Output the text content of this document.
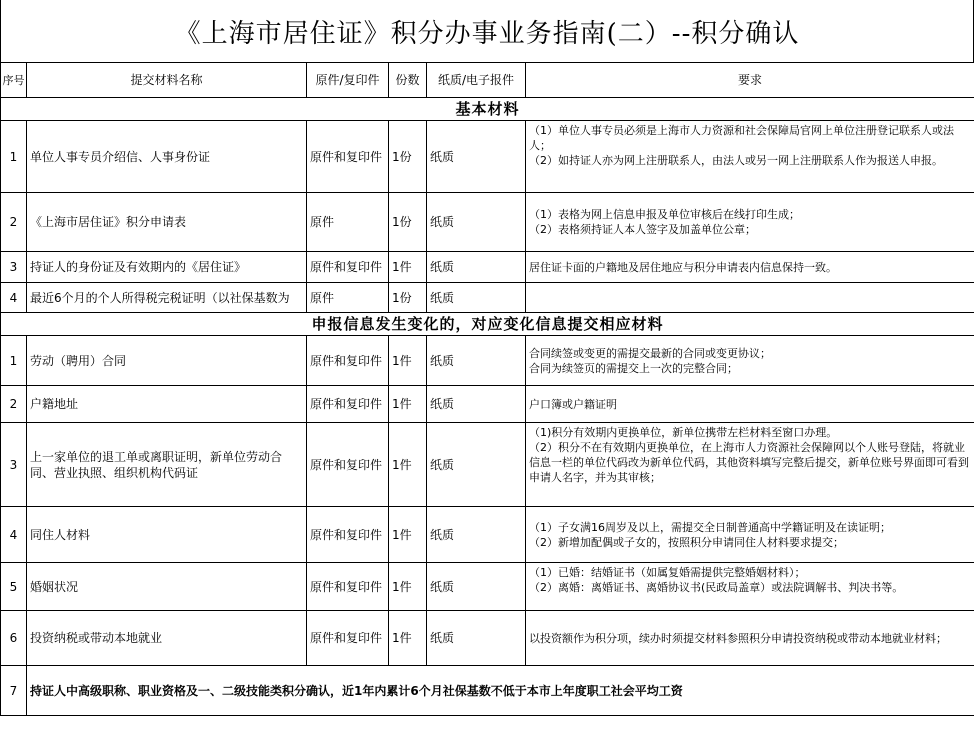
《上海市居住证》积分办事业务指南(二）--积分确认
序号	提交材料名称	原件/复印件	份数	纸质/电子报件	要求
基本材料					
1	单位人事专员介绍信、人事身份证	原件和复印件	1份	纸质	（1）单位人事专员必须是上海市人力资源和社会保障局官网上单位注册登记联系人或法人；
（2）如持证人亦为网上注册联系人，由法人或另一网上注册联系人作为报送人申报。

2	《上海市居住证》积分申请表	原件	1份	纸质	（1）表格为网上信息申报及单位审核后在线打印生成；
（2）表格须持证人本人签字及加盖单位公章；

3	持证人的身份证及有效期内的《居住证》	原件和复印件	1件	纸质	居住证卡面的户籍地及居住地应与积分申请表内信息保持一致。

4	最近6个月的个人所得税完税证明（以社保基数为	原件	1份	纸质	
申报信息发生变化的，对应变化信息提交相应材料					
1	劳动（聘用）合同	原件和复印件	1件	纸质	合同续签或变更的需提交最新的合同或变更协议；
合同为续签页的需提交上一次的完整合同；

2	户籍地址	原件和复印件	1件	纸质	户口簿或户籍证明

3	上一家单位的退工单或离职证明，新单位劳动合同、营业执照、组织机构代码证	原件和复印件	1件	纸质	（1)积分有效期内更换单位，新单位携带左栏材料至窗口办理。
（2）积分不在有效期内更换单位，在上海市人力资源社会保障网以个人账号登陆，将就业信息一栏的单位代码改为新单位代码，其他资料填写完整后提交，新单位账号界面即可看到申请人名字，并为其审核；

4	同住人材料	原件和复印件	1件	纸质	（1）子女满16周岁及以上，需提交全日制普通高中学籍证明及在读证明；
（2）新增加配偶或子女的，按照积分申请同住人材料要求提交；

5	婚姻状况	原件和复印件	1件	纸质	（1）已婚：结婚证书（如属复婚需提供完整婚姻材料）；
（2）离婚：离婚证书、离婚协议书(民政局盖章）或法院调解书、判决书等。

6	投资纳税或带动本地就业	原件和复印件	1件	纸质	以投资额作为积分项，续办时须提交材料参照积分申请投资纳税或带动本地就业材料；

7	持证人中高级职称、职业资格及一、二级技能类积分确认，近1年内累计6个月社保基数不低于本市上年度职工社会平均工资				
